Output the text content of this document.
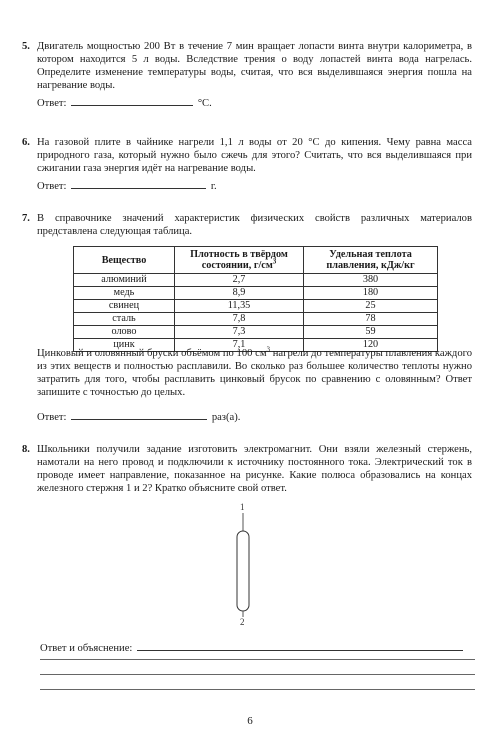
5. Двигатель мощностью 200 Вт в течение 7 мин вращает лопасти винта внутри калориметра, в котором находится 5 л воды. Вследствие трения о воду лопастей винта вода нагрелась. Определите изменение температуры воды, считая, что вся выделившаяся энергия пошла на нагревание воды.

Ответ:	°С.
6. На газовой плите в чайнике нагрели 1,1 л воды от 20 °С до кипения. Чему равна масса природного газа, который нужно было сжечь для этого? Считать, что вся выделившаяся при сжигании газа энергия идёт на нагревание воды.

Ответ:	г.
7. В справочнике значений характеристик физических свойств различных материалов представлена следующая таблица.

Вещество	Плотность в твёрдом состоянии, $г/см^3$	Удельная теплота плавления, кДж/кг
алюминий	2,7	380
медь	8,9	180
свинец	11,35	25
сталь	7,8	78
олово	7,3	59
цинк	7,1	120

Цинковый и оловянный бруски объёмом по 100 $см^3$ нагрели до температуры плавления каждого из этих веществ и полностью расплавили. Во сколько раз большее количество теплоты нужно затратить для того, чтобы расплавить цинковый брусок по сравнению с оловянным? Ответ запишите с точностью до целых.

Ответ:	раз(а).
8. Школьники получили задание изготовить электромагнит. Они взяли железный стержень, намотали на него провод и подключили к источнику постоянного тока. Электрический ток в проводе имеет направление, показанное на рисунке. Какие полюса образовались на концах железного стержня 1 и 2? Кратко объясните свой ответ.

1
2
Ответ и объяснение:
6
